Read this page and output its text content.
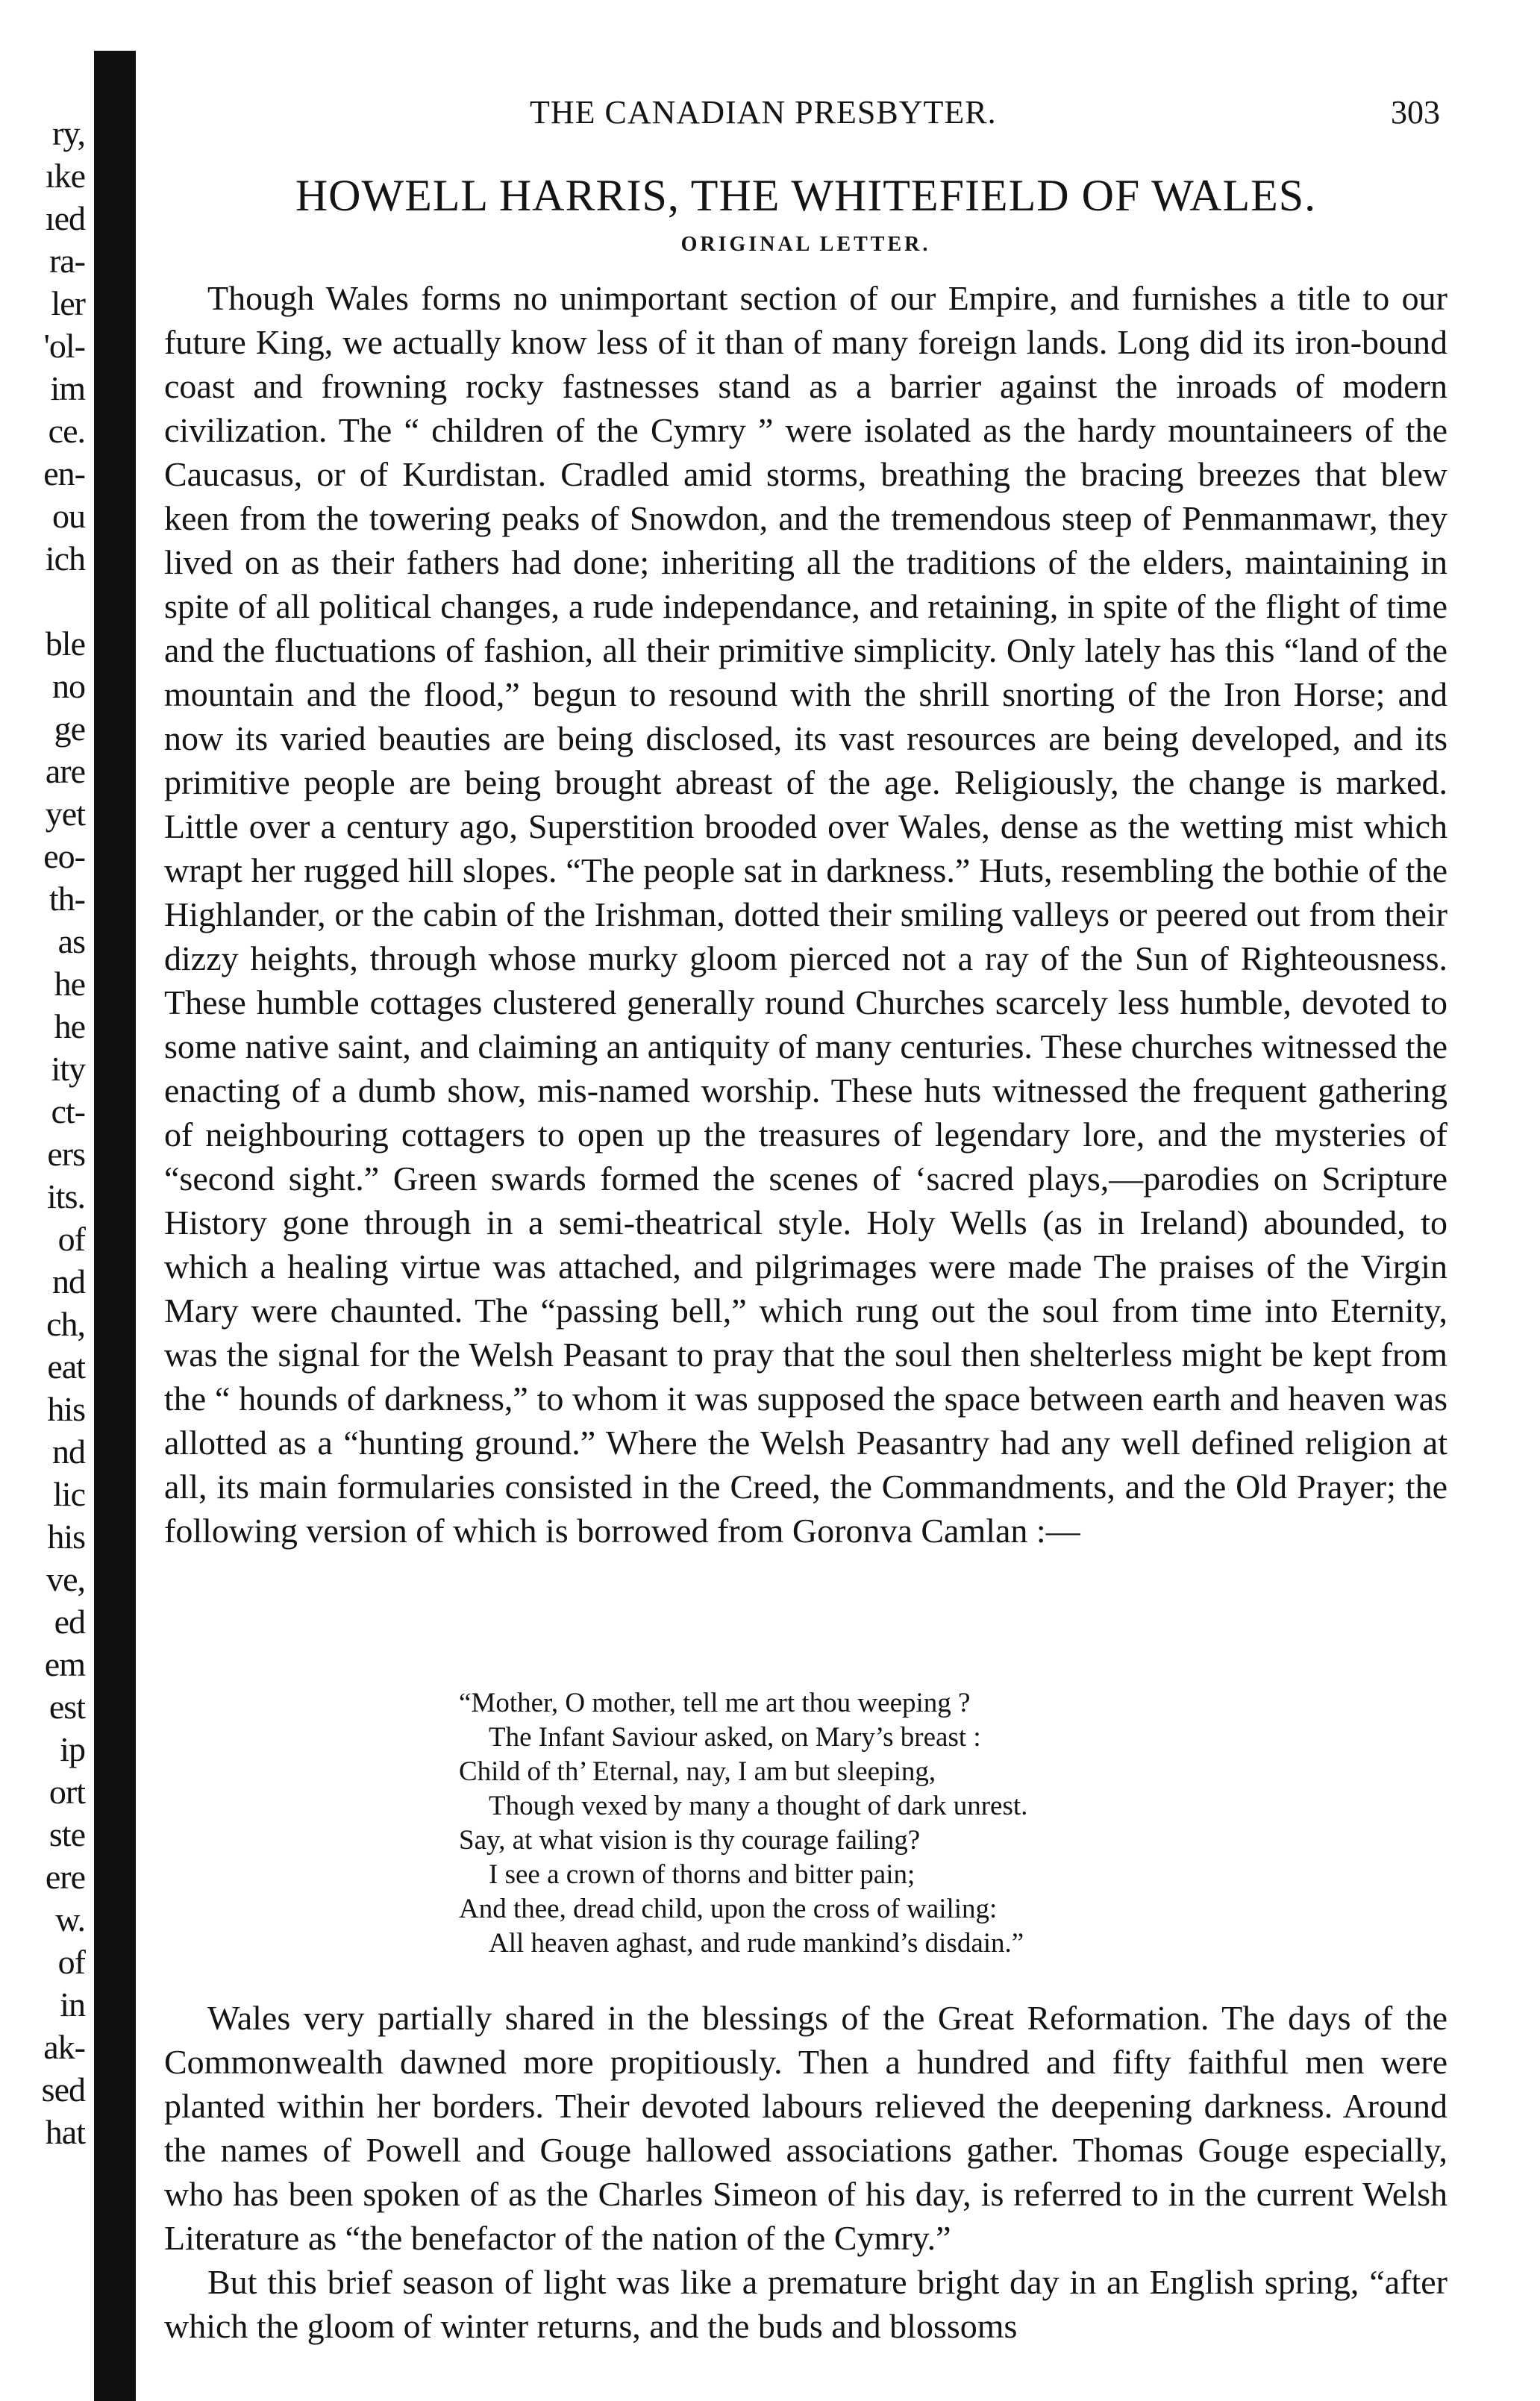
ry,
ıke
ıed
ra-
ler
'ol-
im
ce.
en-
ou
ich
ble
no
ge
are
yet
eo-
th-
as
he
he
ity
ct-
ers
its.
of
nd
ch,
eat
his
nd
lic
his
ve,
ed
em
est
ip
ort
ste
ere
w.
of
in
ak-
sed
hat
THE CANADIAN PRESBYTER.	303
HOWELL HARRIS, THE WHITEFIELD OF WALES.
ORIGINAL LETTER.

Though Wales forms no unimportant section of our Empire, and furnishes a title to our future King, we actually know less of it than of many foreign lands. Long did its iron-bound coast and frowning rocky fastnesses stand as a barrier against the inroads of modern civilization. The “ children of the Cymry ” were isolated as the hardy mountaineers of the Caucasus, or of Kurdistan. Cradled amid storms, breathing the bracing breezes that blew keen from the towering peaks of Snowdon, and the tremendous steep of Penmanmawr, they lived on as their fathers had done; inheriting all the traditions of the elders, maintaining in spite of all political changes, a rude independance, and retaining, in spite of the flight of time and the fluctuations of fashion, all their primitive simplicity. Only lately has this “land of the mountain and the flood,” begun to resound with the shrill snorting of the Iron Horse; and now its varied beauties are being disclosed, its vast resources are being developed, and its primitive people are being brought abreast of the age. Religiously, the change is marked. Little over a century ago, Superstition brooded over Wales, dense as the wetting mist which wrapt her rugged hill slopes. “The people sat in darkness.” Huts, resembling the bothie of the Highlander, or the cabin of the Irishman, dotted their smiling valleys or peered out from their dizzy heights, through whose murky gloom pierced not a ray of the Sun of Righteousness. These humble cottages clustered generally round Churches scarcely less humble, devoted to some native saint, and claiming an antiquity of many centuries. These churches witnessed the enacting of a dumb show, mis-named worship. These huts witnessed the frequent gathering of neighbouring cottagers to open up the treasures of legendary lore, and the mysteries of “second sight.” Green swards formed the scenes of ‘sacred plays,—parodies on Scripture History gone through in a semi-theatrical style. Holy Wells (as in Ireland) abounded, to which a healing virtue was attached, and pilgrimages were made The praises of the Virgin Mary were chaunted. The “passing bell,” which rung out the soul from time into Eternity, was the signal for the Welsh Peasant to pray that the soul then shelterless might be kept from the “ hounds of darkness,” to whom it was supposed the space between earth and heaven was allotted as a “hunting ground.” Where the Welsh Peasantry had any well defined religion at all, its main formularies consisted in the Creed, the Commandments, and the Old Prayer; the following version of which is borrowed from Goronva Camlan :—

“Mother, O mother, tell me art thou weeping ?
The Infant Saviour asked, on Mary’s breast :
Child of th’ Eternal, nay, I am but sleeping,
Though vexed by many a thought of dark unrest.
Say, at what vision is thy courage failing?
I see a crown of thorns and bitter pain;
And thee, dread child, upon the cross of wailing:
All heaven aghast, and rude mankind’s disdain.”

Wales very partially shared in the blessings of the Great Reformation. The days of the Commonwealth dawned more propitiously. Then a hundred and fifty faithful men were planted within her borders. Their devoted labours relieved the deepening darkness. Around the names of Powell and Gouge hallowed associations gather. Thomas Gouge especially, who has been spoken of as the Charles Simeon of his day, is referred to in the current Welsh Literature as “the benefactor of the nation of the Cymry.”

But this brief season of light was like a premature bright day in an English spring, “after which the gloom of winter returns, and the buds and blossoms
